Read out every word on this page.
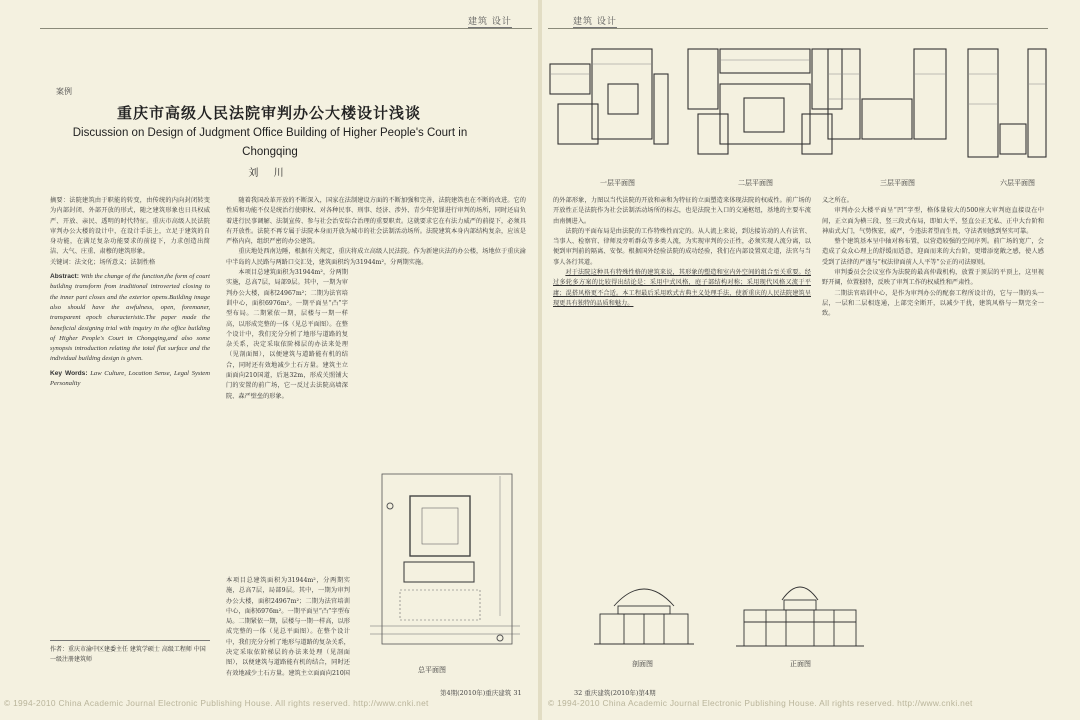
建筑 设计	建筑 设计
案例
重庆市高级人民法院审判办公大楼设计浅谈
Discussion on Design of Judgment Office Building of Higher People's Court in Chongqing
刘 川

摘要：法院建筑由于职能的转变，由传统的内向封闭转变为内部封闭、外部开放的形式，随之建筑形象也日具权威严、开放、亲民、透明的时代特征。重庆市高级人民法院审判办公大楼的设计中，在设计手法上，立足于建筑的自身功能，在满足复杂功能要求的前提下，力求创造出简洁、大气、庄重、肃穆的建筑形象。

关键词：法文化；场所意义；法制性格

Abstract: With the change of the function,the form of court building transform from traditional introverted closing to the inner part closes and the exterior opens.Building image also should have the awfulness, open, foremaner, transparent epoch characteristic.The paper made the beneficial designing trial with inquiry in the office building of Higher People's Court in Chongqing,and also some synopsis introduction relating the total flat surface and the individual building design is given.

Key Words: Law Culture, Location Sense, Legal System Personality

作者：重庆市渝中区建委主任 建筑学硕士 高级工程师 中国一级注册建筑师

随着我国改革开放的不断深入，国家在法制建设方面的不断加强和完善，法院建筑也在不断的改进。它的性质和功能不仅是统治行使职权、对各种民事、刑事、经济、涉外、青少年犯罪进行审判的场所，同时还肩负着进行民事调解、法制宣传、参与社会治安综合治理的重要职责。这就要求它在有法力威严的前提下，必须具有开放性。法院不再专属于法院本身而开放为城市的社会法制活动场所。法院建筑本身内部结构复杂，应该是严格内向，组织严密的办公建筑。

重庆地处西南边陲，根据有关规定，重庆将成立高级人民法院。作为新建庆法的办公楼，场地位于重庆渝中半岛的人民路与两路口交汇处，建筑面积约为31944m²，分两期实施。

本项目总建筑面积为31944m²，分两期实施，总高7层，局部9层。其中，一期为审判办公大楼，面积24967m²；二期为法官培训中心，面积6976m²。一期平面呈“凸”字型布局。二期紧依一期，层楼与一期一样高，以形成完整的一体（见总平面图）。在整个设计中，我们充分分析了地形与道路的复杂关系，决定采取依阶梯层的办法来处理（见剖面图），以便建筑与道路能有机的结合，同时还有效地减少土石方量。建筑主立面面向210国道，后退32m，形成关照铺大门的安置的前广场，它一反过去法院高墙深院、森严壁垒的形象。

本项目总建筑面积为31944m²，分两期实施，总高7层，局部9层。其中，一期为审判办公大楼，面积24967m²；二期为法官培训中心，面积6976m²。一期平面呈“凸”字型布局。二期紧依一期，层楼与一期一样高，以形成完整的一体（见总平面图）。在整个设计中，我们充分分析了地形与道路的复杂关系，决定采取依阶梯层的办法来处理（见剖面图），以便建筑与道路能有机的结合，同时还有效地减少土石方量。建筑主立面面向210国	总平面图
一层平面图	二层平面图	三层平面图	六层平面图

的外部形象，力图以当代法院的开放和亲和为特征的立面塑造来体现法院的权威性。前广场的开放性正是法院作为社会法制活动场所的标志，也是法院主入口的交通枢纽，基地的主要车流由南侧进入。

法院的平面布局是由法院的工作特殊性而定的。从人流上来说，到达接访动的人有法官、当事人、检察官、律师及旁听群众等多类人流，为实现审判的公正性，必须实现人流分离，以便到审判前的隔离、安保。根据国外经验法院的成功经验，我们在内部设置双走道，法官与当事人各行其道。

对于法院这种具有特殊性格的建筑来说，其形象的塑造和室内外空间的组合至关重要。经过多轮多方案的比较得出结论是：采用中式风格，庭子部结构对称；采用现代风格又流于平庸；混搭风格更不合适。本工程最后采用欧式古典主义处理手法，使新重庆的人民法院建筑呈现更具有独特的品质和魅力。

义之所在。

审判办公大楼平面呈“凹”字型，格体量较大的500座大审判庭直接设在中间，正立面为横三段、竖三段式布局，即如大平、竖直公正无私、正中大台阶和神庙式大门，气势恢宏，威严，令违法者望而生畏，守法者则感到坚实可靠。

整个建筑基本呈中轴对称布置，以营造较强的空间序列。前广场的宽广，会造成了众众心理上的舒缓而适意，迎面而来的大台阶，更增添宽敞之感，使人感受到了法律的严谨与“权法律面前人人平等”公正的司法原则。

审判委员会会议室作为法院的最高仲裁机构，放置于顶层的平顶上，这里视野开阔，位置独特，反映了审判工作的权威性和严肃性。

二期法官培训中心，是作为审判办公的配套工程所设计的，它与一期的头一层，一层和二层相连通，上部完全断开，以减少干扰，建筑风格与一期完全一致。

剖面图	正面图
第4期(2010年)重庆建筑 31	32 重庆建筑(2010年)第4期
© 1994-2010 China Academic Journal Electronic Publishing House. All rights reserved. http://www.cnki.net	© 1994-2010 China Academic Journal Electronic Publishing House. All rights reserved. http://www.cnki.net
